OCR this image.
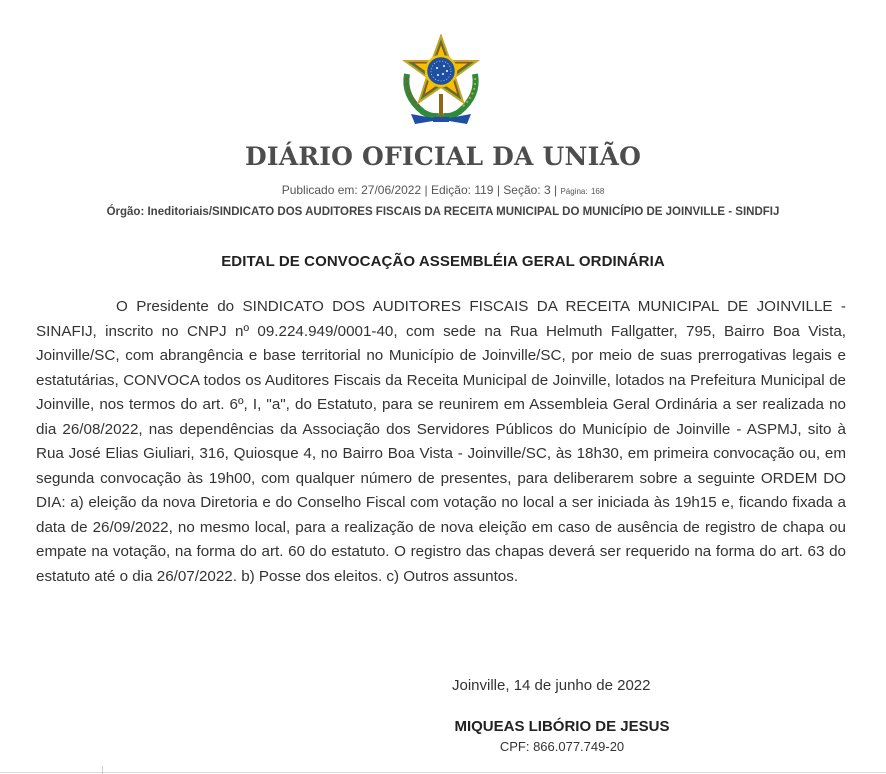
DIÁRIO OFICIAL DA UNIÃO
Publicado em: 27/06/2022 | Edição: 119 | Seção: 3 | Página: 168
Órgão: Ineditoriais/SINDICATO DOS AUDITORES FISCAIS DA RECEITA MUNICIPAL DO MUNICÍPIO DE JOINVILLE - SINDFIJ
EDITAL DE CONVOCAÇÃO ASSEMBLÉIA GERAL ORDINÁRIA

O Presidente do SINDICATO DOS AUDITORES FISCAIS DA RECEITA MUNICIPAL DE JOINVILLE - SINAFIJ, inscrito no CNPJ nº 09.224.949/0001-40, com sede na Rua Helmuth Fallgatter, 795, Bairro Boa Vista, Joinville/SC, com abrangência e base territorial no Município de Joinville/SC, por meio de suas prerrogativas legais e estatutárias, CONVOCA todos os Auditores Fiscais da Receita Municipal de Joinville, lotados na Prefeitura Municipal de Joinville, nos termos do art. 6º, I, "a", do Estatuto, para se reunirem em Assembleia Geral Ordinária a ser realizada no dia 26/08/2022, nas dependências da Associação dos Servidores Públicos do Município de Joinville - ASPMJ, sito à Rua José Elias Giuliari, 316, Quiosque 4, no Bairro Boa Vista - Joinville/SC, às 18h30, em primeira convocação ou, em segunda convocação às 19h00, com qualquer número de presentes, para deliberarem sobre a seguinte ORDEM DO DIA: a) eleição da nova Diretoria e do Conselho Fiscal com votação no local a ser iniciada às 19h15 e, ficando fixada a data de 26/09/2022, no mesmo local, para a realização de nova eleição em caso de ausência de registro de chapa ou empate na votação, na forma do art. 60 do estatuto. O registro das chapas deverá ser requerido na forma do art. 63 do estatuto até o dia 26/07/2022. b) Posse dos eleitos. c) Outros assuntos.

Joinville, 14 de junho de 2022
MIQUEAS LIBÓRIO DE JESUS
CPF: 866.077.749-20
